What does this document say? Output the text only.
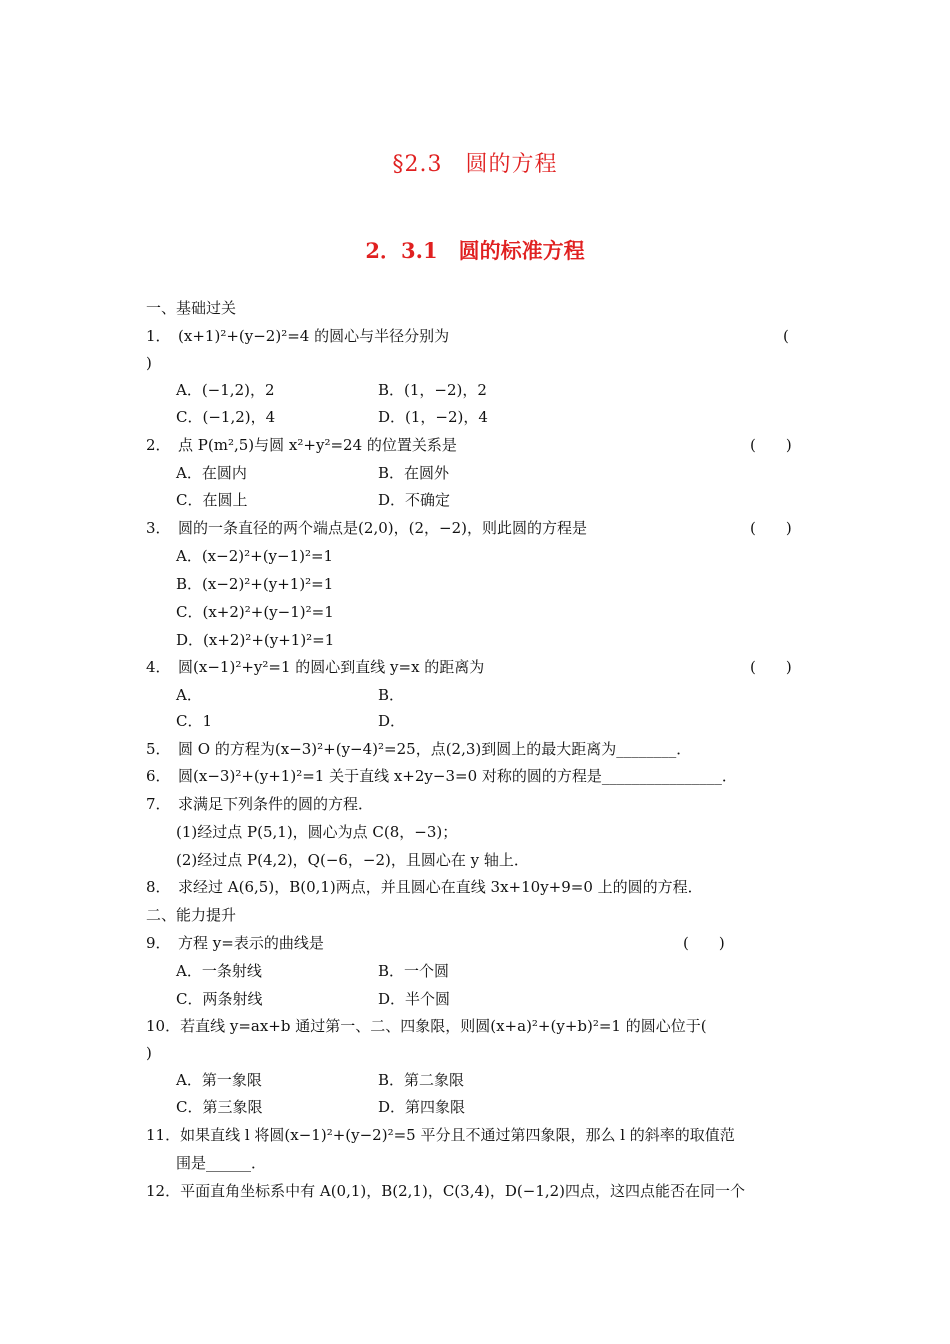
§2.3　圆的方程
2．3.1　圆的标准方程
一、基础过关
1．　(x+1)²+(y−2)²=4 的圆心与半径分别为	(
)
A．(−1,2)，2	B．(1，−2)，2
C．(−1,2)，4	D．(1，−2)，4
2．　点 P(m²,5)与圆 x²+y²=24 的位置关系是	(　　)
A．在圆内	B．在圆外
C．在圆上	D．不确定
3．　圆的一条直径的两个端点是(2,0)，(2，−2)，则此圆的方程是	(　　)
A．(x−2)²+(y−1)²=1
B．(x−2)²+(y+1)²=1
C．(x+2)²+(y−1)²=1
D．(x+2)²+(y+1)²=1
4．　圆(x−1)²+y²=1 的圆心到直线 y=x 的距离为	(　　)
A．	B．
C．1	D．
5．　圆 O 的方程为(x−3)²+(y−4)²=25，点(2,3)到圆上的最大距离为________．
6．　圆(x−3)²+(y+1)²=1 关于直线 x+2y−3=0 对称的圆的方程是________________．
7．　求满足下列条件的圆的方程．
(1)经过点 P(5,1)，圆心为点 C(8，−3)；
(2)经过点 P(4,2)，Q(−6，−2)，且圆心在 y 轴上．
8．　求经过 A(6,5)，B(0,1)两点，并且圆心在直线 3x+10y+9=0 上的圆的方程．
二、能力提升
9．　方程 y=表示的曲线是	(　　)
A．一条射线	B．一个圆
C．两条射线	D．半个圆
10．若直线 y=ax+b 通过第一、二、四象限，则圆(x+a)²+(y+b)²=1 的圆心位于(
)
A．第一象限	B．第二象限
C．第三象限	D．第四象限
11．如果直线 l 将圆(x−1)²+(y−2)²=5 平分且不通过第四象限，那么 l 的斜率的取值范
围是______．
12．平面直角坐标系中有 A(0,1)，B(2,1)，C(3,4)，D(−1,2)四点，这四点能否在同一个
